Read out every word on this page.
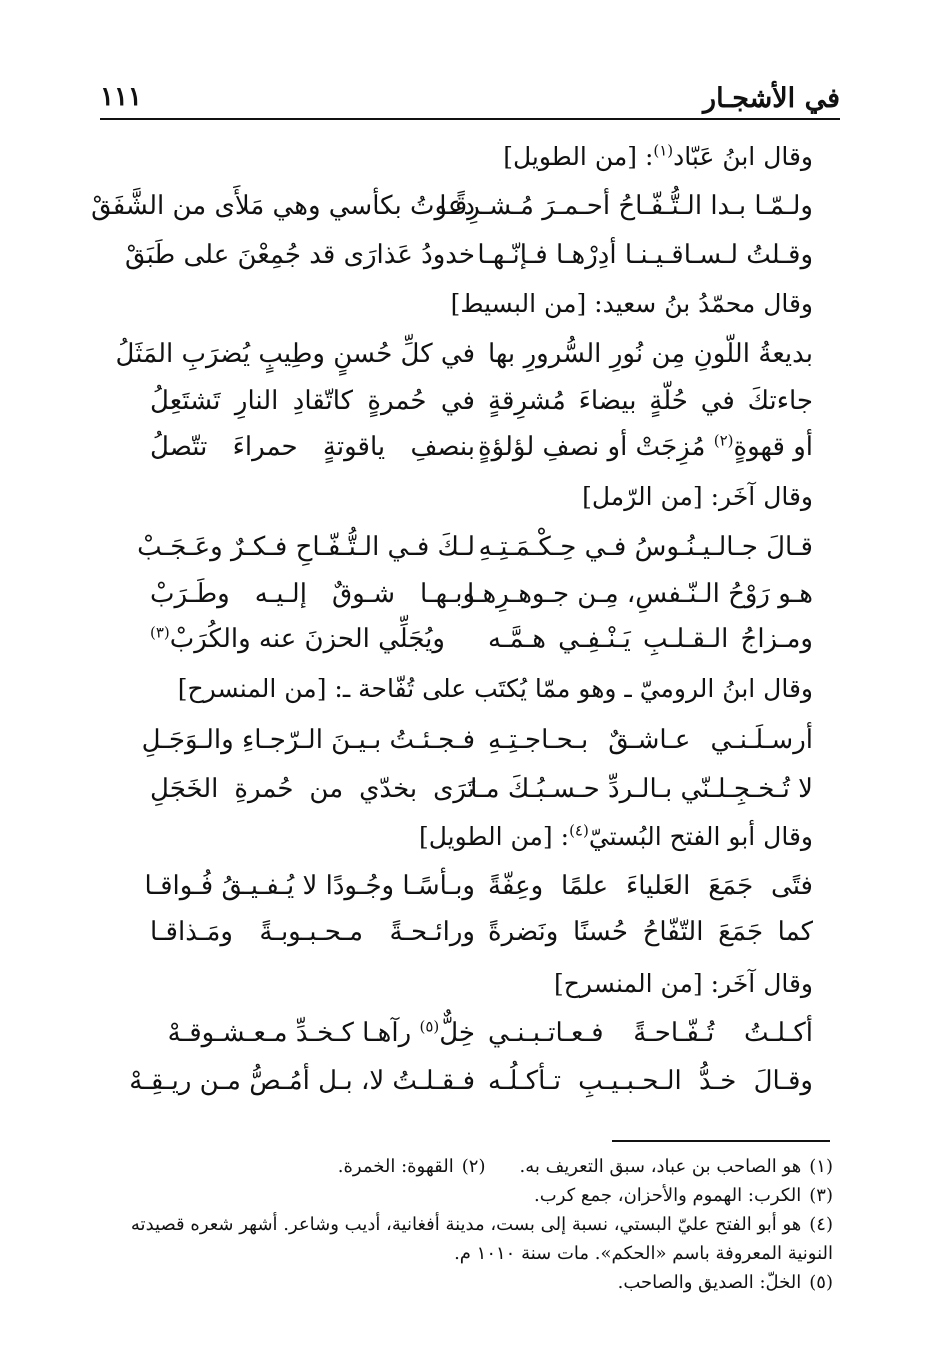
في الأشجـار
١١١
وقال ابنُ عَبّاد$^{(١)}$: [من الطويل]
ولـمّـا بـدا الـتُّـفّـاحُ أحـمـرَ مُـشـرِقًـا
دعوتُ بكأسي وهي مَلأَى من الشَّفَقْ
وقـلتُ لـسـاقـيـنـا أدِرْهـا فـإنّـهـا
خدودُ عَذارَى قد جُمِعْنَ على طَبَقْ
وقال محمّدُ بنُ سعيد: [من البسيط]
بديعةُ اللّونِ مِن نُورِ السُّرورِ بها
في كلِّ حُسنٍ وطِيبٍ يُضرَبِ المَثَلُ
جاءتكَ في حُلّةٍ بيضاءَ مُشرِقةٍ
في حُمرةٍ كاتّقادِ النارِ تَشتَعِلُ
أو قهوةٍ$^{(٢)}$ مُزِجَتْ أو نصفِ لؤلؤةٍ
بنصفِ ياقوتةٍ حمراءَ تتّصلُ
وقال آخَر: [من الرّمل]
قـالَ جـالـيـنُـوسُ فـي حِـكْـمَـتِـهِ
لـكَ فـي الـتُّـفّـاحِ فـكـرٌ وعَـجَـبْ
هـو رَوْحُ الـنّـفسِ، مِـن جـوهـرِهـا
وبـهـا شـوقٌ إلـيـه وطَـرَبْ
ومـزاجُ الـقـلـبِ يَـنْـفِـي هـمَّـه
ويُجَلِّي الحزنَ عنه والكُرَبْ$^{(٣)}$
وقال ابنُ الروميّ ـ وهو ممّا يُكتَب على تُفّاحة ـ: [من المنسرح]
أرسـلَـنـي عـاشـقٌ بـحـاجـتِـهِ
فـجـئـتُ بـيـنَ الـرّجـاءِ والـوَجَـلِ
لا تُـخـجِـلـنّي بـالـردِّ حـسـبُـكَ مـا
تَرَى بخدّي من حُمرةِ الخَجَلِ
وقال أبو الفتح البُستيّ$^{(٤)}$: [من الطويل]
فتًى جَمَعَ العَلياءَ علمًا وعِفّةً
وبـأسًـا وجُـودًا لا يُـفـيـقُ فُـواقـا
كما جَمَعَ التّفّاحُ حُسنًا ونَضرةً
ورائـحـةً مـحـبـوبـةً ومَـذاقـا
وقال آخَر: [من المنسرح]
أكـلـتُ تُـفّـاحـةً فـعـاتـبـنـي
خِلٌّ$^{(٥)}$ رآهـا كـخـدِّ مـعـشـوقـهْ
وقـالَ خـدُّ الـحـبـيـبِ تـأكـلُـه
فـقـلـتُ لا، بـل أمُـصُّ مـن ريـقِـهْ
(١)هو الصاحب بن عباد، سبق التعريف به.(٢)القهوة: الخمرة.
(٣)الكرب: الهموم والأحزان، جمع كرب.
(٤)هو أبو الفتح عليّ البستي، نسبة إلى بست، مدينة أفغانية، أديب وشاعر. أشهر شعره قصيدته
النونية المعروفة باسم «الحكم». مات سنة ١٠١٠ م.
(٥)الخلّ: الصديق والصاحب.
